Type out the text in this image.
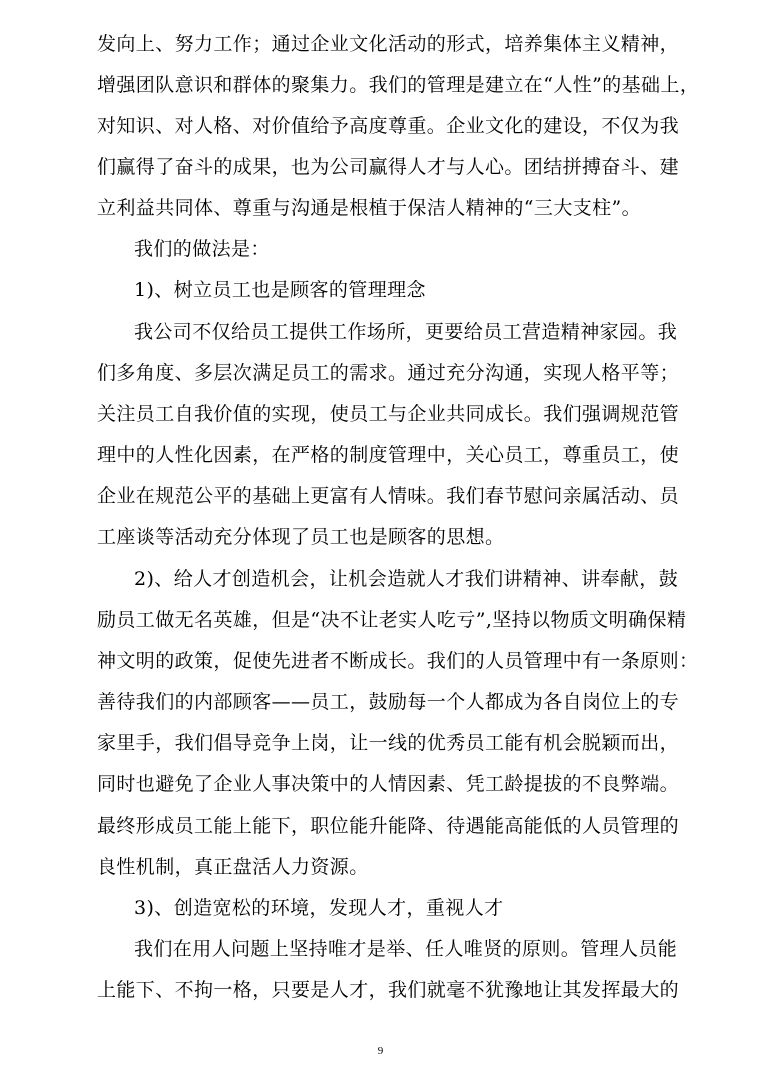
发向上、努力工作；通过企业文化活动的形式，培养集体主义精神，
增强团队意识和群体的聚集力。我们的管理是建立在“人性”的基础上，
对知识、对人格、对价值给予高度尊重。企业文化的建设，不仅为我
们赢得了奋斗的成果，也为公司赢得人才与人心。团结拼搏奋斗、建
立利益共同体、尊重与沟通是根植于保洁人精神的“三大支柱”。
我们的做法是：
1)、树立员工也是顾客的管理理念
我公司不仅给员工提供工作场所，更要给员工营造精神家园。我
们多角度、多层次满足员工的需求。通过充分沟通，实现人格平等；
关注员工自我价值的实现，使员工与企业共同成长。我们强调规范管
理中的人性化因素，在严格的制度管理中，关心员工，尊重员工，使
企业在规范公平的基础上更富有人情味。我们春节慰问亲属活动、员
工座谈等活动充分体现了员工也是顾客的思想。
2)、给人才创造机会，让机会造就人才我们讲精神、讲奉献，鼓
励员工做无名英雄，但是“决不让老实人吃亏”,坚持以物质文明确保精
神文明的政策，促使先进者不断成长。我们的人员管理中有一条原则：
善待我们的内部顾客——员工，鼓励每一个人都成为各自岗位上的专
家里手，我们倡导竞争上岗，让一线的优秀员工能有机会脱颖而出，
同时也避免了企业人事决策中的人情因素、凭工龄提拔的不良弊端。
最终形成员工能上能下，职位能升能降、待遇能高能低的人员管理的
良性机制，真正盘活人力资源。
3)、创造宽松的环境，发现人才，重视人才
我们在用人问题上坚持唯才是举、任人唯贤的原则。管理人员能
上能下、不拘一格，只要是人才，我们就毫不犹豫地让其发挥最大的
9
